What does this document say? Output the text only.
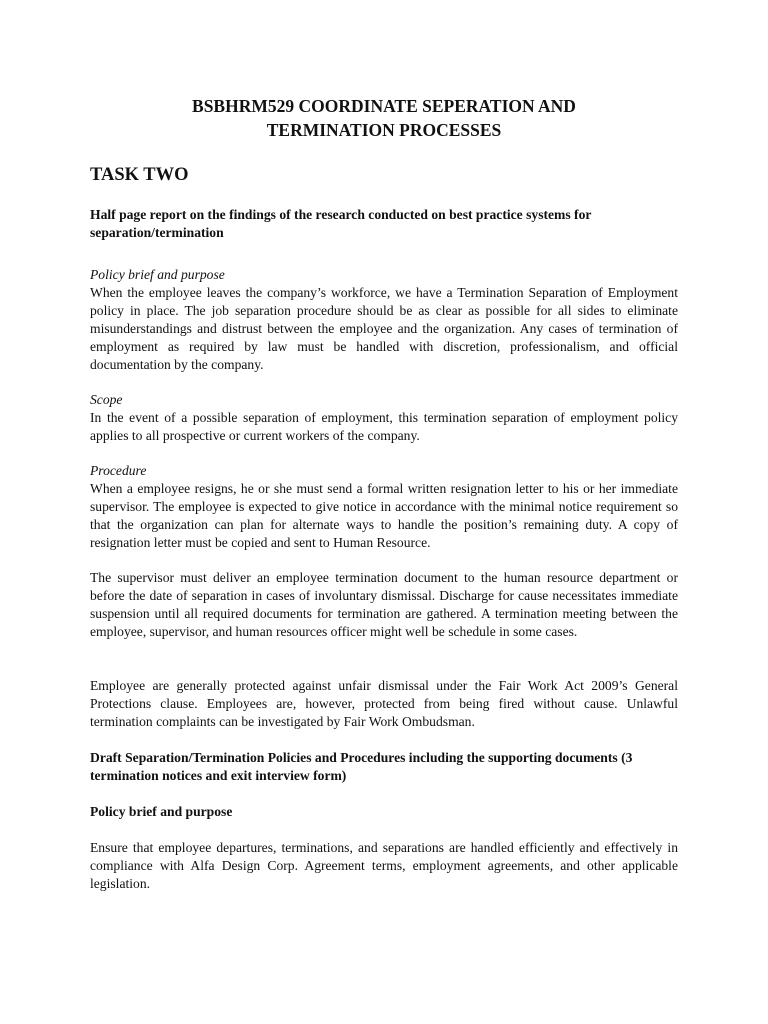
BSBHRM529 COORDINATE SEPERATION AND
TERMINATION PROCESSES
TASK TWO
Half page report on the findings of the research conducted on best practice systems for separation/termination
Policy brief and purpose
When the employee leaves the company’s workforce, we have a Termination Separation of Employment policy in place. The job separation procedure should be as clear as possible for all sides to eliminate misunderstandings and distrust between the employee and the organization. Any cases of termination of employment as required by law must be handled with discretion, professionalism, and official documentation by the company.
Scope
In the event of a possible separation of employment, this termination separation of employment policy applies to all prospective or current workers of the company.
Procedure
When a employee resigns, he or she must send a formal written resignation letter to his or her immediate supervisor. The employee is expected to give notice in accordance with the minimal notice requirement so that the organization can plan for alternate ways to handle the position’s remaining duty. A copy of resignation letter must be copied and sent to Human Resource.
The supervisor must deliver an employee termination document to the human resource department or before the date of separation in cases of involuntary dismissal. Discharge for cause necessitates immediate suspension until all required documents for termination are gathered. A termination meeting between the employee, supervisor, and human resources officer might well be schedule in some cases.
Employee are generally protected against unfair dismissal under the Fair Work Act 2009’s General Protections clause. Employees are, however, protected from being fired without cause. Unlawful termination complaints can be investigated by Fair Work Ombudsman.
Draft Separation/Termination Policies and Procedures including the supporting documents (3 termination notices and exit interview form)
Policy brief and purpose
Ensure that employee departures, terminations, and separations are handled efficiently and effectively in compliance with Alfa Design Corp. Agreement terms, employment agreements, and other applicable legislation.
